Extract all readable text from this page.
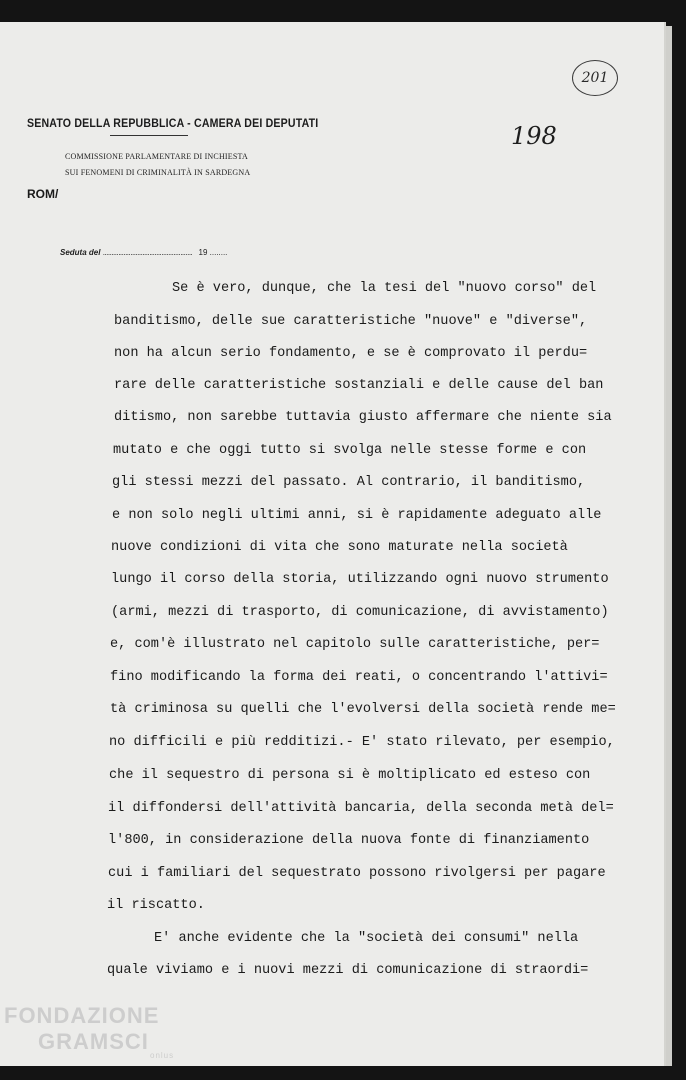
SENATO DELLA REPUBBLICA - CAMERA DEI DEPUTATI
COMMISSIONE PARLAMENTARE DI INCHIESTA
SUI FENOMENI DI CRIMINALITÀ IN SARDEGNA
ROM/
Seduta del .................................................... 19 ........
201
198
Se è vero, dunque, che la tesi del "nuovo corso" del
banditismo, delle sue caratteristiche "nuove" e "diverse",
non ha alcun serio fondamento, e se è comprovato il perdu=
rare delle caratteristiche sostanziali e delle cause del ban
ditismo, non sarebbe tuttavia giusto affermare che niente sia
mutato e che oggi tutto si svolga nelle stesse forme e con
gli stessi mezzi del passato. Al contrario, il banditismo,
e non solo negli ultimi anni, si è rapidamente adeguato alle
nuove condizioni di vita che sono maturate nella società
lungo il corso della storia, utilizzando ogni nuovo strumento
(armi, mezzi di trasporto, di comunicazione, di avvistamento)
e, com'è illustrato nel capitolo sulle caratteristiche, per=
fino modificando la forma dei reati, o concentrando l'attivi=
tà criminosa su quelli che l'evolversi della società rende me=
no difficili e più redditizi.- E' stato rilevato, per esempio,
che il sequestro di persona si è moltiplicato ed esteso con
il diffondersi dell'attività bancaria, della seconda metà del=
l'800, in considerazione della nuova fonte di finanziamento
cui i familiari del sequestrato possono rivolgersi per pagare
il riscatto.
E' anche evidente che la "società dei consumi" nella
quale viviamo e i nuovi mezzi di comunicazione di straordi=
FONDAZIONE
GRAMSCI
onlus
